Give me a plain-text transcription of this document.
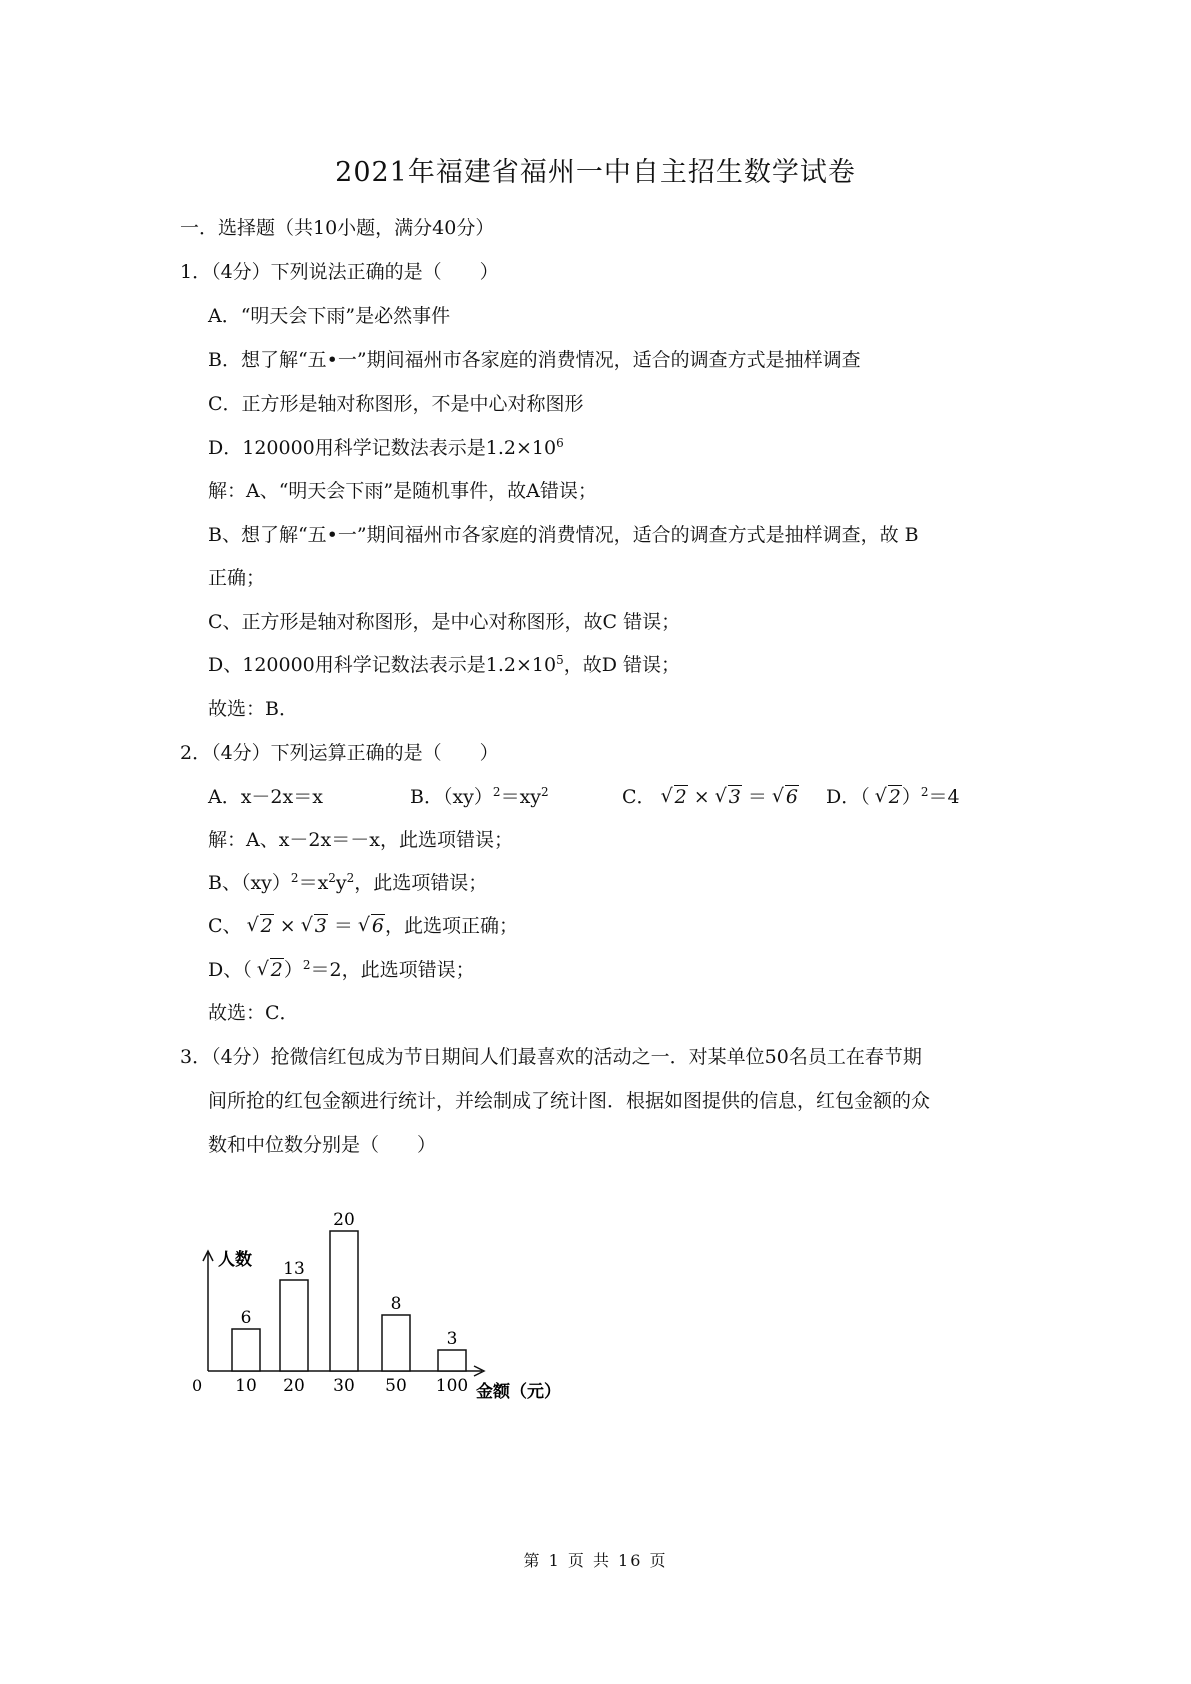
2021年福建省福州一中自主招生数学试卷
一．选择题（共10小题，满分40分）
1．（4分）下列说法正确的是（　　）
A．“明天会下雨”是必然事件
B．想了解“五•一”期间福州市各家庭的消费情况，适合的调查方式是抽样调查
C．正方形是轴对称图形，不是中心对称图形
D．120000用科学记数法表示是$1.2\times 10^6$
解：A、“明天会下雨”是随机事件，故A错误；
B、想了解“五•一”期间福州市各家庭的消费情况，适合的调查方式是抽样调查，故 B
正确；
C、正方形是轴对称图形，是中心对称图形，故C 错误；
D、120000用科学记数法表示是$1.2\times 10^5$，故D 错误；
故选：B．
2．（4分）下列运算正确的是（　　）
A．x－2x＝x	B．$(xy)^2=xy^2$	C． √ 2 × √ 3 ＝ √ 6 D．（ √ 2）$^2$＝4
解：A、x－2x＝－x，此选项错误；
B、$(xy)^2=x^2y^2$，此选项错误；
C、 √ 2 × √ 3 ＝ √ 6，此选项正确；
D、（ √ 2）$^2$＝2，此选项错误；
故选：C．
3．（4分）抢微信红包成为节日期间人们最喜欢的活动之一．对某单位50名员工在春节期
间所抢的红包金额进行统计，并绘制成了统计图．根据如图提供的信息，红包金额的众
数和中位数分别是（　　）
人数
金额（元）
0
6
10
13
20
20
30
8
50
3
100
第 1 页 共 16 页
